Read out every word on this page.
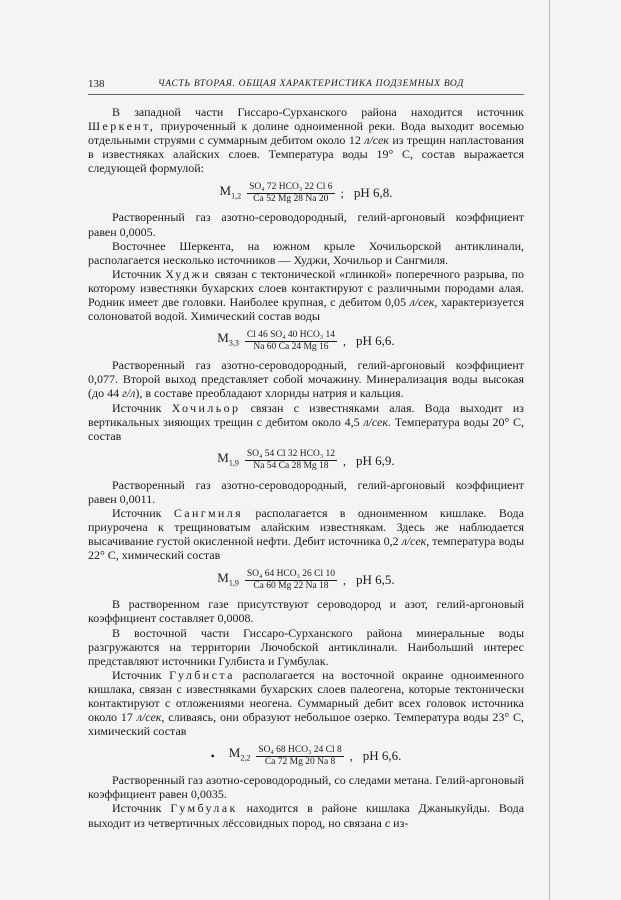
138	ЧАСТЬ ВТОРАЯ. ОБЩАЯ ХАРАКТЕРИСТИКА ПОДЗЕМНЫХ ВОД

В западной части Гиссаро-Сурханского района находится источник Шеркент, приуроченный к долине одноименной реки. Вода выходит восемью отдельными струями с суммарным дебитом около 12 л/сек из трещин напластования в известняках алайских слоев. Температура воды 19° С, состав выражается следующей формулой:

$M_{1,2} \frac{\text{SO₄ 72 HCO₃ 22 Cl 6}}{Ca 52 Mg 28 Na 20}$ ; pH 6,8.

Растворенный газ азотно-сероводородный, гелий-аргоновый коэффициент равен 0,0005.

Восточнее Шеркента, на южном крыле Хочильорской антиклинали, располагается несколько источников — Худжи, Хочильор и Сангмиля.

Источник Худжи связан с тектонической «глинкой» поперечного разрыва, по которому известняки бухарских слоев контактируют с различными породами алая. Родник имеет две головки. Наиболее крупная, с дебитом 0,05 л/сек, характеризуется солоноватой водой. Химический состав воды

$M_{3,3} \frac{\text{Cl 46 SO₄ 40 HCO₃ 14}}{Na 60 Ca 24 Mg 16}$ , pH 6,6.

Растворенный газ азотно-сероводородный, гелий-аргоновый коэффициент 0,077. Второй выход представляет собой мочажину. Минерализация воды высокая (до 44 г/л), в составе преобладают хлориды натрия и кальция.

Источник Хочильор связан с известняками алая. Вода выходит из вертикальных зияющих трещин с дебитом около 4,5 л/сек. Температура воды 20° С, состав

$M_{1,9} \frac{\text{SO₄ 54 Cl 32 HCO₃ 12}}{Na 54 Ca 28 Mg 18}$ , pH 6,9.

Растворенный газ азотно-сероводородный, гелий-аргоновый коэффициент равен 0,0011.

Источник Сангмиля располагается в одноименном кишлаке. Вода приурочена к трещиноватым алайским известнякам. Здесь же наблюдается высачивание густой окисленной нефти. Дебит источника 0,2 л/сек, температура воды 22° С, химический состав

$M_{1,9} \frac{\text{SO₄ 64 HCO₃ 26 Cl 10}}{Ca 60 Mg 22 Na 18}$ , pH 6,5.

В растворенном газе присутствуют сероводород и азот, гелий-аргоновый коэффициент составляет 0,0008.

В восточной части Гиссаро-Сурханского района минеральные воды разгружаются на территории Лючобской антиклинали. Наибольший интерес представляют источники Гулбиста и Гумбулак.

Источник Гулбиста располагается на восточной окраине одноименного кишлака, связан с известняками бухарских слоев палеогена, которые тектонически контактируют с отложениями неогена. Суммарный дебит всех головок источника около 17 л/сек, сливаясь, они образуют небольшое озерко. Температура воды 23° С, химический состав

• $M_{2,2} \frac{\text{SO₄ 68 HCO₃ 24 Cl 8}}{Ca 72 Mg 20 Na 8}$ , pH 6,6.

Растворенный газ азотно-сероводородный, со следами метана. Гелий-аргоновый коэффициент равен 0,0035.

Источник Гумбулак находится в районе кишлака Джаныкуйды. Вода выходит из четвертичных лёссовидных пород, но связана с из-
